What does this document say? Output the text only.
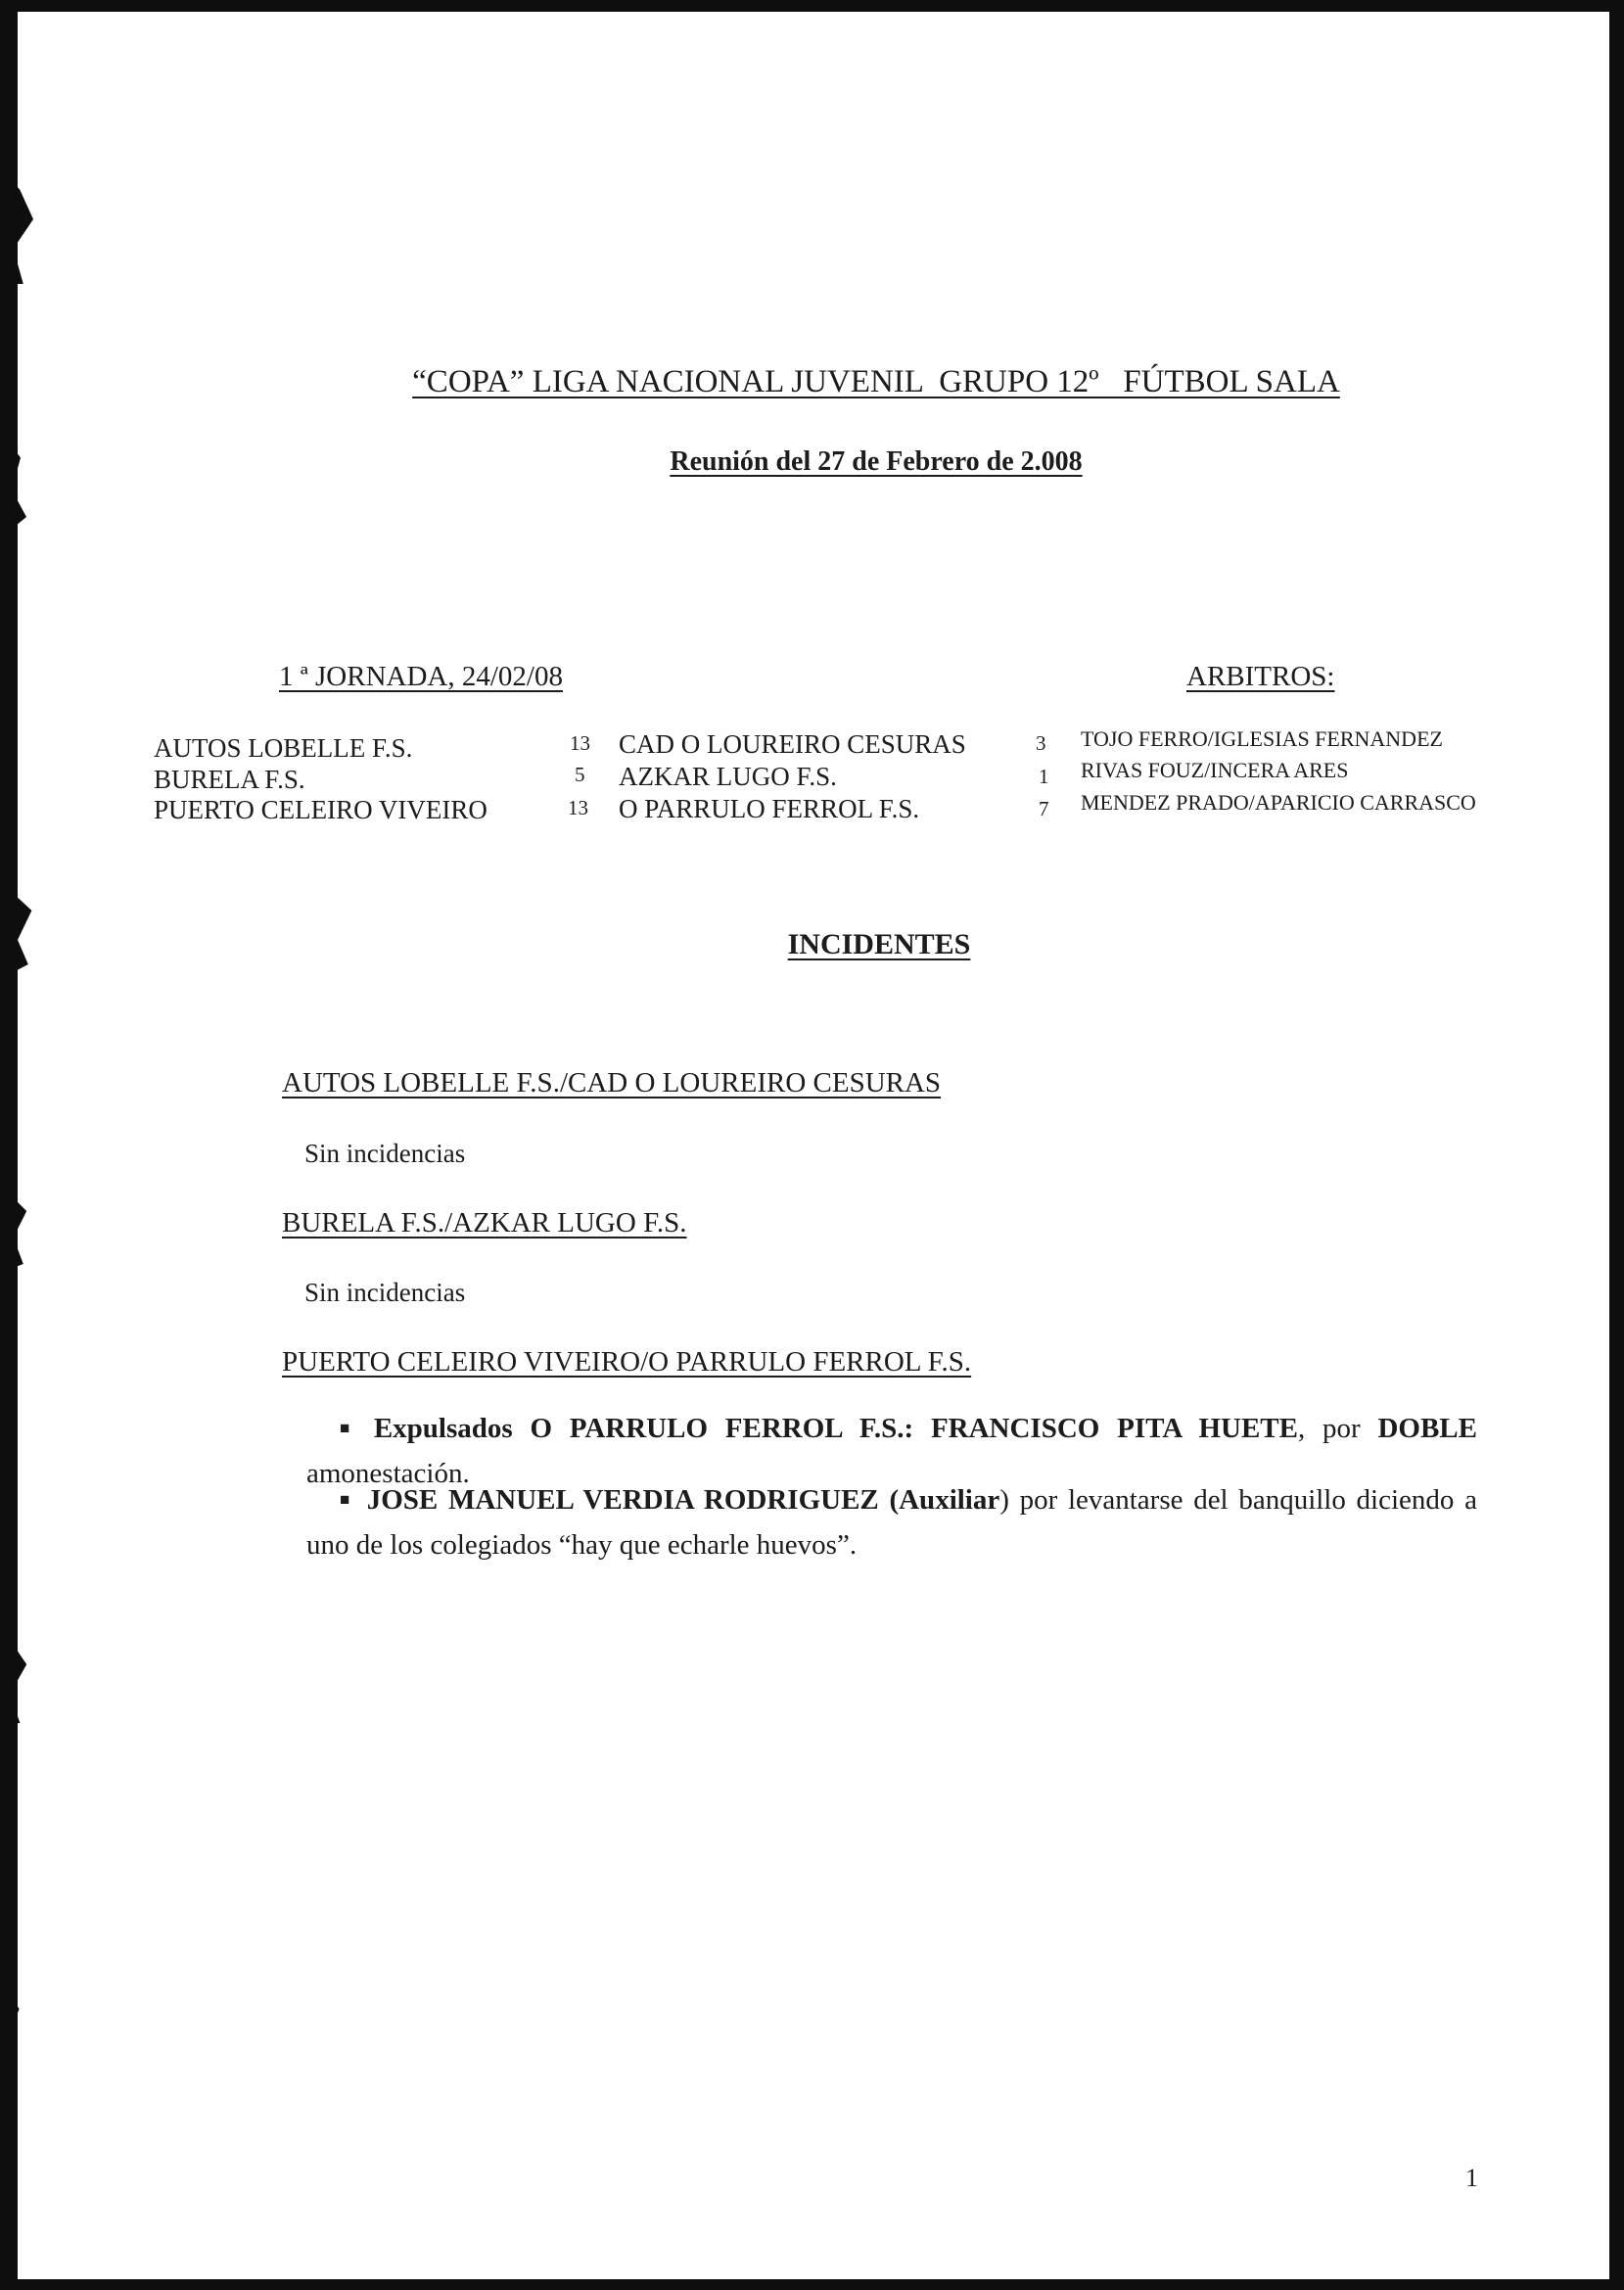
“COPA” LIGA NACIONAL JUVENIL  GRUPO 12º   FÚTBOL SALA

Reunión del 27 de Febrero de 2.008

1 ª JORNADA, 24/02/08	ARBITROS:

AUTOS LOBELLE F.S.	13 CAD O LOUREIRO CESURAS	3 TOJO FERRO/IGLESIAS FERNANDEZ
BURELA F.S.	5 AZKAR LUGO F.S.	1 RIVAS FOUZ/INCERA ARES
PUERTO CELEIRO VIVEIRO	13 O PARRULO FERROL F.S.	7 MENDEZ PRADO/APARICIO CARRASCO

INCIDENTES

AUTOS LOBELLE F.S./CAD O LOUREIRO CESURAS

Sin incidencias

BURELA F.S./AZKAR LUGO F.S.

Sin incidencias

PUERTO CELEIRO VIVEIRO/O PARRULO FERROL F.S.

■ Expulsados O PARRULO FERROL F.S.: FRANCISCO PITA HUETE, por DOBLE amonestación.

■ JOSE MANUEL VERDIA RODRIGUEZ (Auxiliar) por levantarse del banquillo diciendo a uno de los colegiados “hay que echarle huevos”.

1
